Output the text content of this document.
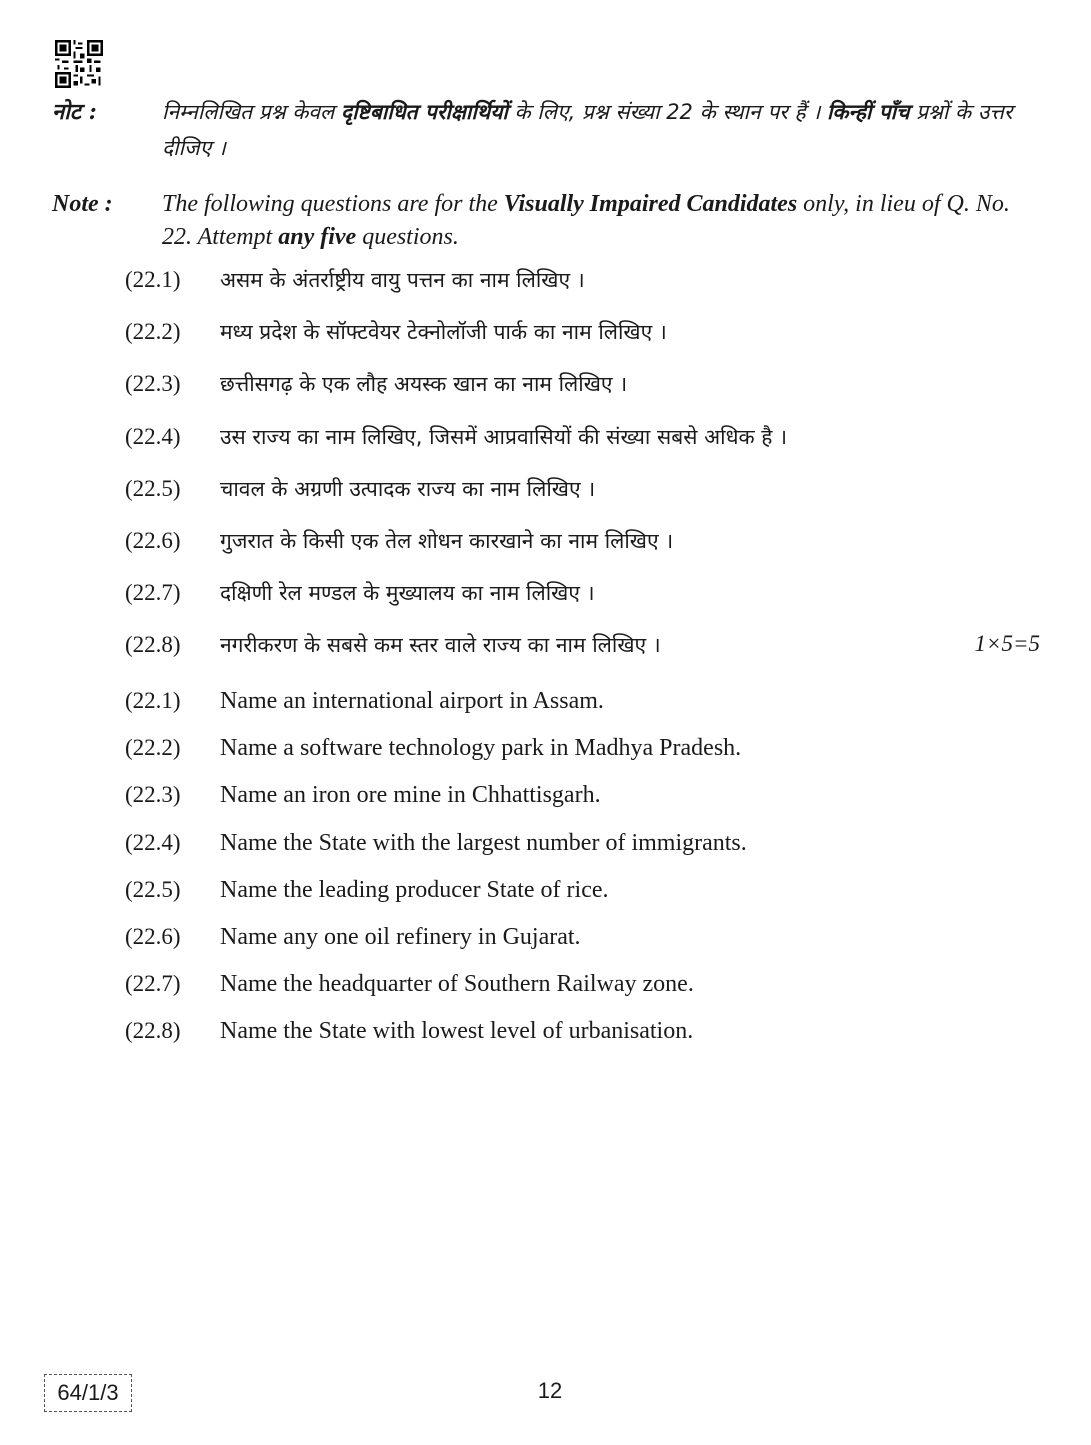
नोट :	निम्नलिखित प्रश्न केवल दृष्टिबाधित परीक्षार्थियों के लिए, प्रश्न संख्या 22 के स्थान पर हैं । किन्हीं पाँच प्रश्नों के उत्तर दीजिए ।
Note :	The following questions are for the Visually Impaired Candidates only, in lieu of Q. No. 22. Attempt any five questions.
(22.1)	असम के अंतर्राष्ट्रीय वायु पत्तन का नाम लिखिए ।
(22.2)	मध्य प्रदेश के सॉफ्टवेयर टेक्नोलॉजी पार्क का नाम लिखिए ।
(22.3)	छत्तीसगढ़ के एक लौह अयस्क खान का नाम लिखिए ।
(22.4)	उस राज्य का नाम लिखिए, जिसमें आप्रवासियों की संख्या सबसे अधिक है ।
(22.5)	चावल के अग्रणी उत्पादक राज्य का नाम लिखिए ।
(22.6)	गुजरात के किसी एक तेल शोधन कारखाने का नाम लिखिए ।
(22.7)	दक्षिणी रेल मण्डल के मुख्यालय का नाम लिखिए ।
(22.8)	नगरीकरण के सबसे कम स्तर वाले राज्य का नाम लिखिए ।	1×5=5
(22.1)	Name an international airport in Assam.
(22.2)	Name a software technology park in Madhya Pradesh.
(22.3)	Name an iron ore mine in Chhattisgarh.
(22.4)	Name the State with the largest number of immigrants.
(22.5)	Name the leading producer State of rice.
(22.6)	Name any one oil refinery in Gujarat.
(22.7)	Name the headquarter of Southern Railway zone.
(22.8)	Name the State with lowest level of urbanisation.
64/1/3	12
